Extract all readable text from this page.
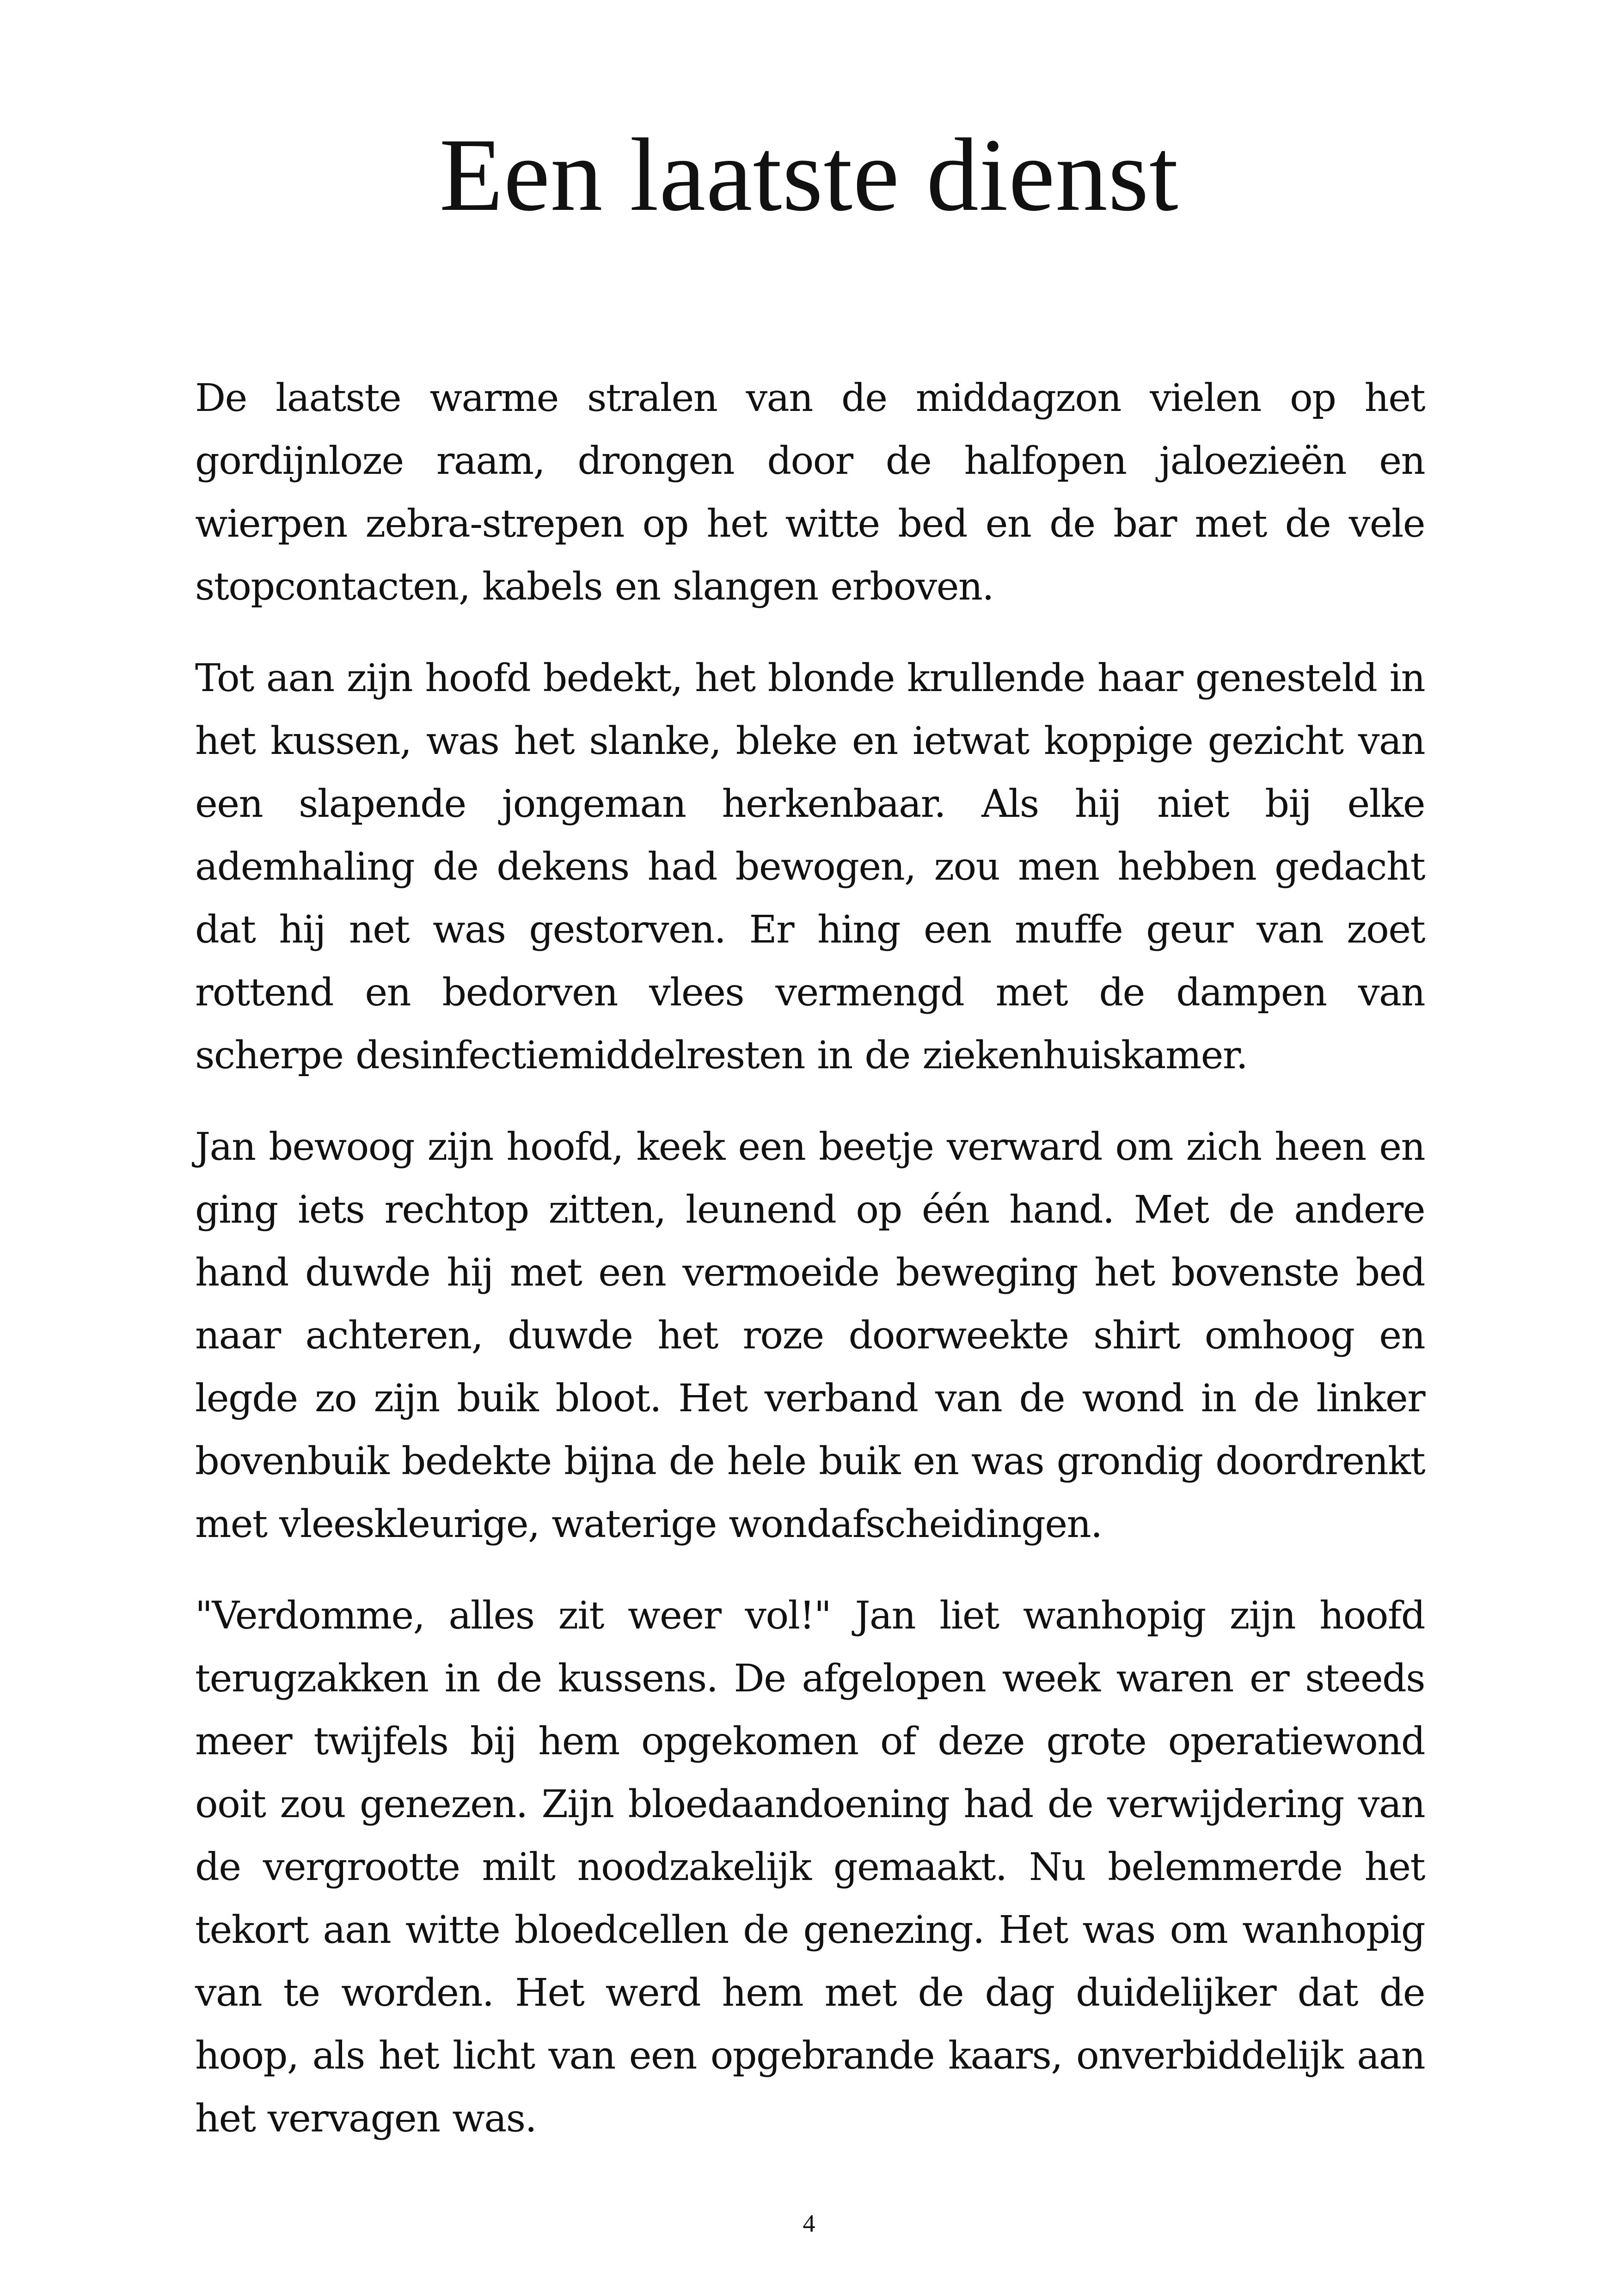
Een laatste dienst

De laatste warme stralen van de middagzon vielen op het gordijnloze raam, drongen door de halfopen jaloezieën en wierpen zebra-strepen op het witte bed en de bar met de vele stopcontacten, kabels en slangen erboven.

Tot aan zijn hoofd bedekt, het blonde krullende haar genesteld in het kussen, was het slanke, bleke en ietwat koppige gezicht van een slapende jongeman herkenbaar. Als hij niet bij elke ademhaling de dekens had bewogen, zou men hebben gedacht dat hij net was gestorven. Er hing een muffe geur van zoet rottend en bedorven vlees vermengd met de dampen van scherpe desinfectiemiddelresten in de ziekenhuiskamer.

Jan bewoog zijn hoofd, keek een beetje verward om zich heen en ging iets rechtop zitten, leunend op één hand. Met de andere hand duwde hij met een vermoeide beweging het bovenste bed naar achteren, duwde het roze doorweekte shirt omhoog en legde zo zijn buik bloot. Het verband van de wond in de linker bovenbuik bedekte bijna de hele buik en was grondig doordrenkt met vleeskleurige, waterige wondafscheidingen.

"Verdomme, alles zit weer vol!" Jan liet wanhopig zijn hoofd terugzakken in de kussens. De afgelopen week waren er steeds meer twijfels bij hem opgekomen of deze grote operatiewond ooit zou genezen. Zijn bloedaandoening had de verwijdering van de vergrootte milt noodzakelijk gemaakt. Nu belemmerde het tekort aan witte bloedcellen de genezing. Het was om wanhopig van te worden. Het werd hem met de dag duidelijker dat de hoop, als het licht van een opgebrande kaars, onverbiddelijk aan het vervagen was.

4
